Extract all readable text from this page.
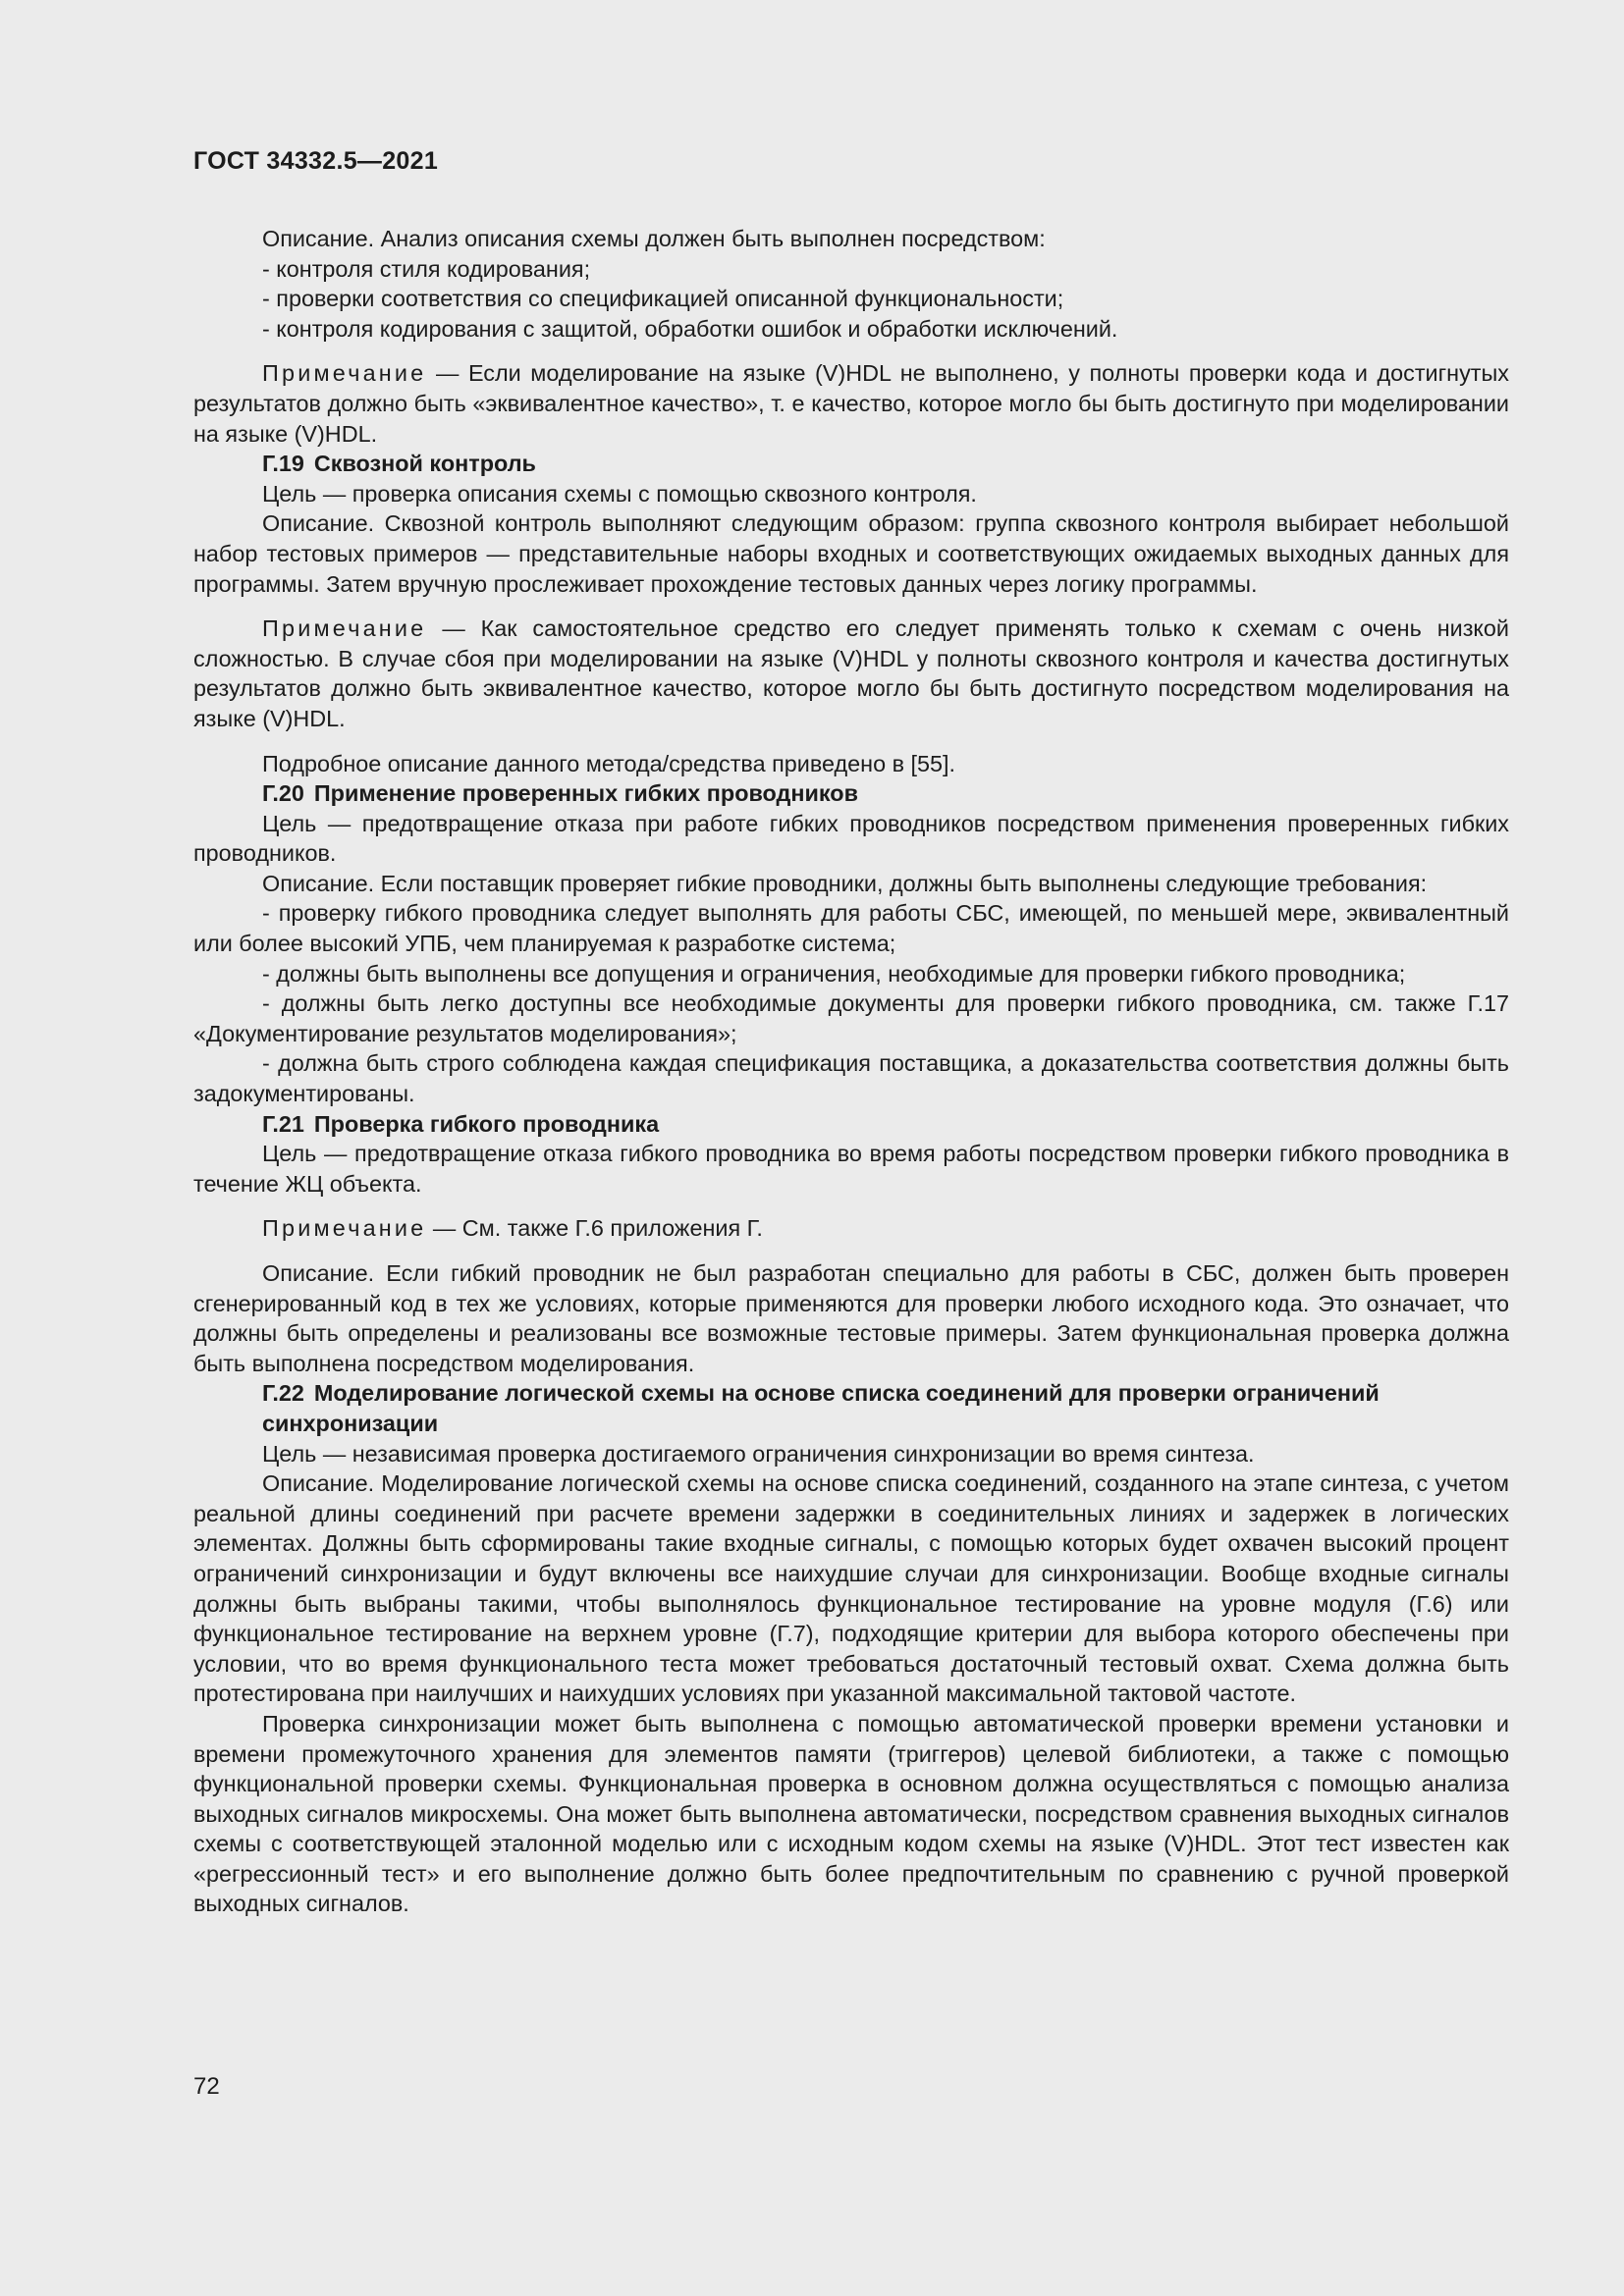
ГОСТ 34332.5—2021

Описание. Анализ описания схемы должен быть выполнен посредством:

- контроля стиля кодирования;

- проверки соответствия со спецификацией описанной функциональности;

- контроля кодирования с защитой, обработки ошибок и обработки исключений.

Примечание — Если моделирование на языке (V)HDL не выполнено, у полноты проверки кода и достигнутых результатов должно быть «эквивалентное качество», т. е качество, которое могло бы быть достигнуто при моделировании на языке (V)HDL.

Г.19 Сквозной контроль

Цель — проверка описания схемы с помощью сквозного контроля.

Описание. Сквозной контроль выполняют следующим образом: группа сквозного контроля выбирает небольшой набор тестовых примеров — представительные наборы входных и соответствующих ожидаемых выходных данных для программы. Затем вручную прослеживает прохождение тестовых данных через логику программы.

Примечание — Как самостоятельное средство его следует применять только к схемам с очень низкой сложностью. В случае сбоя при моделировании на языке (V)HDL у полноты сквозного контроля и качества достигнутых результатов должно быть эквивалентное качество, которое могло бы быть достигнуто посредством моделирования на языке (V)HDL.

Подробное описание данного метода/средства приведено в [55].

Г.20 Применение проверенных гибких проводников

Цель — предотвращение отказа при работе гибких проводников посредством применения проверенных гибких проводников.

Описание. Если поставщик проверяет гибкие проводники, должны быть выполнены следующие требования:

- проверку гибкого проводника следует выполнять для работы СБС, имеющей, по меньшей мере, эквивалентный или более высокий УПБ, чем планируемая к разработке система;

- должны быть выполнены все допущения и ограничения, необходимые для проверки гибкого проводника;

- должны быть легко доступны все необходимые документы для проверки гибкого проводника, см. также Г.17 «Документирование результатов моделирования»;

- должна быть строго соблюдена каждая спецификация поставщика, а доказательства соответствия должны быть задокументированы.

Г.21 Проверка гибкого проводника

Цель — предотвращение отказа гибкого проводника во время работы посредством проверки гибкого проводника в течение ЖЦ объекта.

Примечание — См. также Г.6 приложения Г.

Описание. Если гибкий проводник не был разработан специально для работы в СБС, должен быть проверен сгенерированный код в тех же условиях, которые применяются для проверки любого исходного кода. Это означает, что должны быть определены и реализованы все возможные тестовые примеры. Затем функциональная проверка должна быть выполнена посредством моделирования.

Г.22 Моделирование логической схемы на основе списка соединений для проверки ограничений синхронизации

Цель — независимая проверка достигаемого ограничения синхронизации во время синтеза.

Описание. Моделирование логической схемы на основе списка соединений, созданного на этапе синтеза, с учетом реальной длины соединений при расчете времени задержки в соединительных линиях и задержек в логических элементах. Должны быть сформированы такие входные сигналы, с помощью которых будет охвачен высокий процент ограничений синхронизации и будут включены все наихудшие случаи для синхронизации. Вообще входные сигналы должны быть выбраны такими, чтобы выполнялось функциональное тестирование на уровне модуля (Г.6) или функциональное тестирование на верхнем уровне (Г.7), подходящие критерии для выбора которого обеспечены при условии, что во время функционального теста может требоваться достаточный тестовый охват. Схема должна быть протестирована при наилучших и наихудших условиях при указанной максимальной тактовой частоте.

Проверка синхронизации может быть выполнена с помощью автоматической проверки времени установки и времени промежуточного хранения для элементов памяти (триггеров) целевой библиотеки, а также с помощью функциональной проверки схемы. Функциональная проверка в основном должна осуществляться с помощью анализа выходных сигналов микросхемы. Она может быть выполнена автоматически, посредством сравнения выходных сигналов схемы с соответствующей эталонной моделью или с исходным кодом схемы на языке (V)HDL. Этот тест известен как «регрессионный тест» и его выполнение должно быть более предпочтительным по сравнению с ручной проверкой выходных сигналов.

72
